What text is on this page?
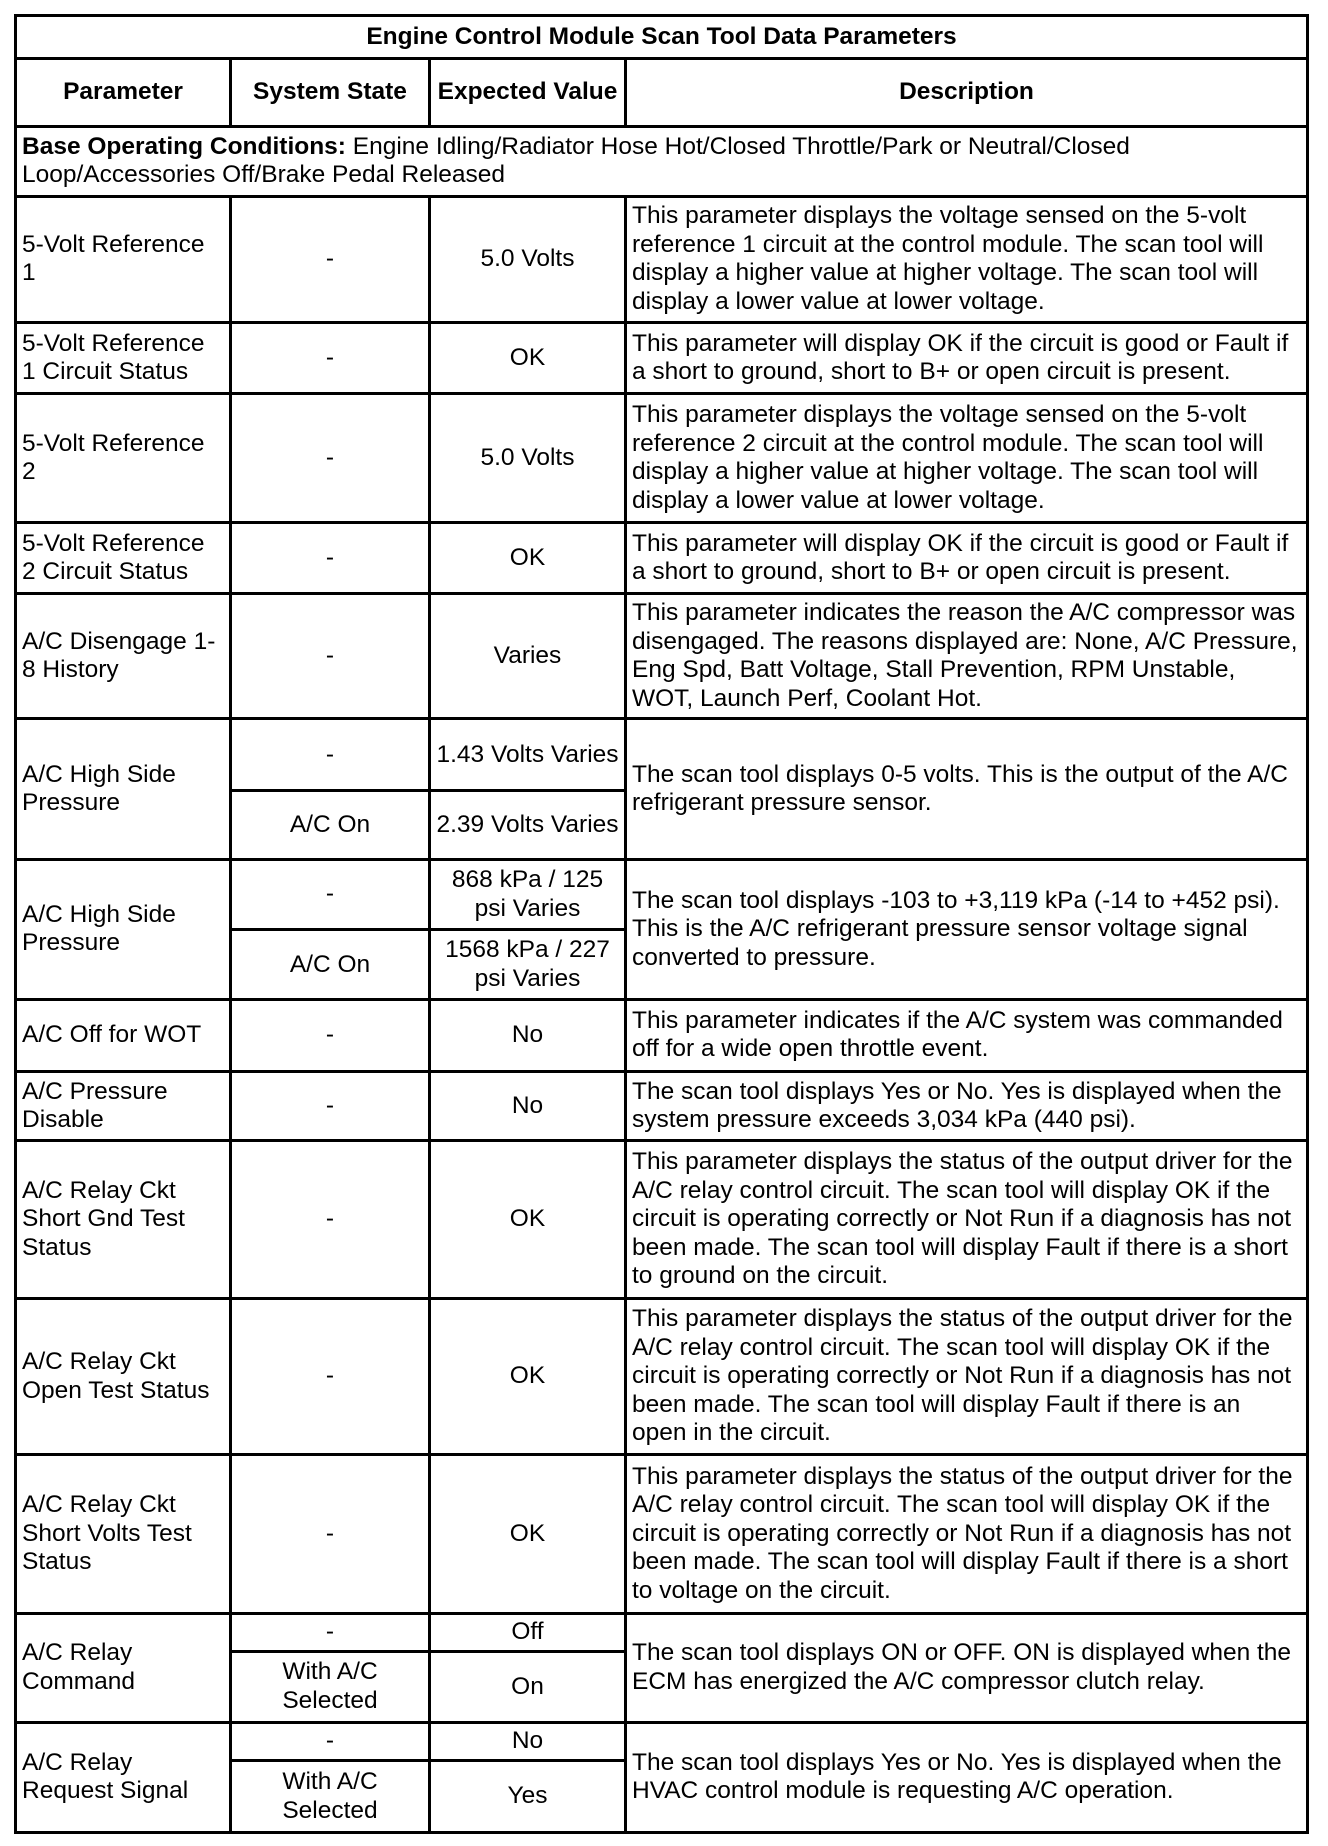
Engine Control Module Scan Tool Data Parameters			
Parameter	System State	Expected Value	Description
Base Operating Conditions: Engine Idling/Radiator Hose Hot/Closed Throttle/Park or Neutral/Closed Loop/Accessories Off/Brake Pedal Released			
5-Volt Reference 1	-	5.0 Volts	This parameter displays the voltage sensed on the 5-volt reference 1 circuit at the control module. The scan tool will display a higher value at higher voltage. The scan tool will display a lower value at lower voltage.
5-Volt Reference 1 Circuit Status	-	OK	This parameter will display OK if the circuit is good or Fault if a short to ground, short to B+ or open circuit is present.
5-Volt Reference 2	-	5.0 Volts	This parameter displays the voltage sensed on the 5-volt reference 2 circuit at the control module. The scan tool will display a higher value at higher voltage. The scan tool will display a lower value at lower voltage.
5-Volt Reference 2 Circuit Status	-	OK	This parameter will display OK if the circuit is good or Fault if a short to ground, short to B+ or open circuit is present.
A/C Disengage 1-8 History	-	Varies	This parameter indicates the reason the A/C compressor was disengaged. The reasons displayed are: None, A/C Pressure, Eng Spd, Batt Voltage, Stall Prevention, RPM Unstable, WOT, Launch Perf, Coolant Hot.
A/C High Side Pressure	-	1.43 Volts Varies	The scan tool displays 0-5 volts. This is the output of the A/C refrigerant pressure sensor.
	A/C On	2.39 Volts Varies	
A/C High Side Pressure	-	868 kPa / 125 psi Varies	The scan tool displays -103 to +3,119 kPa (-14 to +452 psi). This is the A/C refrigerant pressure sensor voltage signal converted to pressure.
	A/C On	1568 kPa / 227 psi Varies	
A/C Off for WOT	-	No	This parameter indicates if the A/C system was commanded off for a wide open throttle event.
A/C Pressure Disable	-	No	The scan tool displays Yes or No. Yes is displayed when the system pressure exceeds 3,034 kPa (440 psi).
A/C Relay Ckt Short Gnd Test Status	-	OK	This parameter displays the status of the output driver for the A/C relay control circuit. The scan tool will display OK if the circuit is operating correctly or Not Run if a diagnosis has not been made. The scan tool will display Fault if there is a short to ground on the circuit.
A/C Relay Ckt Open Test Status	-	OK	This parameter displays the status of the output driver for the A/C relay control circuit. The scan tool will display OK if the circuit is operating correctly or Not Run if a diagnosis has not been made. The scan tool will display Fault if there is an open in the circuit.
A/C Relay Ckt Short Volts Test Status	-	OK	This parameter displays the status of the output driver for the A/C relay control circuit. The scan tool will display OK if the circuit is operating correctly or Not Run if a diagnosis has not been made. The scan tool will display Fault if there is a short to voltage on the circuit.
A/C Relay Command	-	Off	The scan tool displays ON or OFF. ON is displayed when the ECM has energized the A/C compressor clutch relay.
	With A/C Selected	On	
A/C Relay Request Signal	-	No	The scan tool displays Yes or No. Yes is displayed when the HVAC control module is requesting A/C operation.
	With A/C Selected	Yes	
